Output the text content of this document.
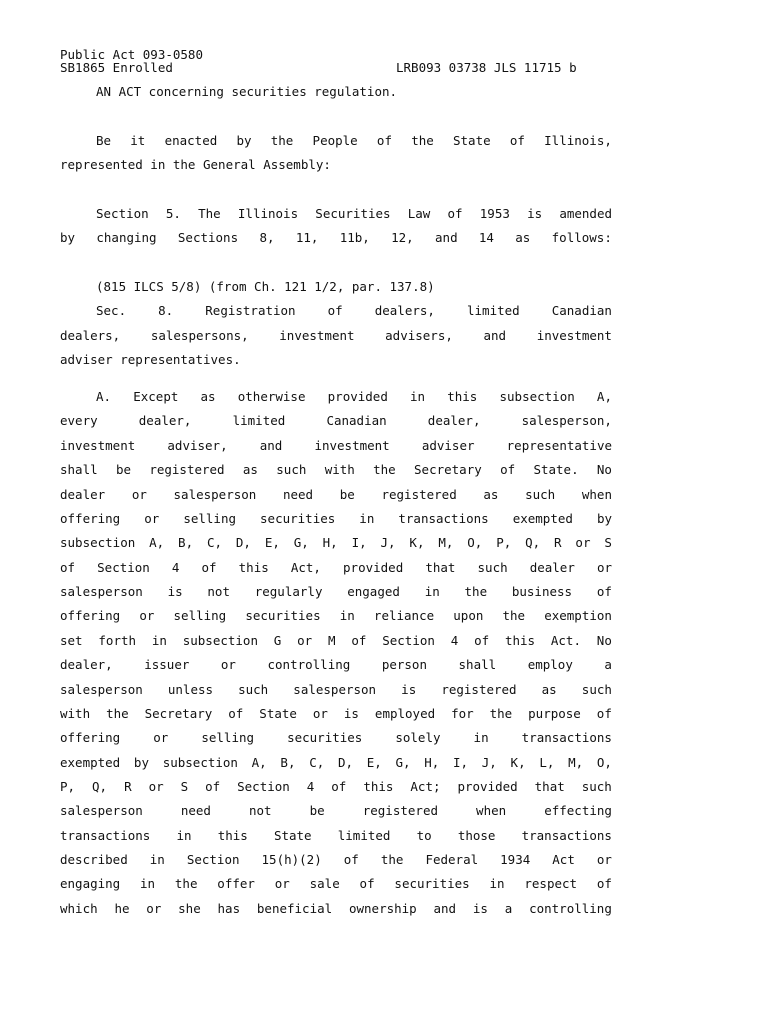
Public Act 093-0580
SB1865 Enrolled	LRB093 03738 JLS 11715 b
AN ACT concerning securities regulation.
Be it enacted by the People of the State of Illinois,
represented in the General Assembly:
Section 5. The Illinois Securities Law of 1953 is amended
by changing Sections 8, 11, 11b, 12, and 14 as follows:
(815 ILCS 5/8) (from Ch. 121 1/2, par. 137.8)
Sec.	8.	Registration	of	dealers,	limited	Canadian
dealers, salespersons, investment advisers, and investment
adviser representatives.
A. Except as otherwise provided in this subsection A,
every	dealer,	limited	Canadian	dealer,	salesperson,
investment	adviser,	and	investment	adviser	representative
shall be registered as such with the Secretary of State. No
dealer or salesperson need be registered as such when
offering or selling securities in transactions exempted by
subsection A, B, C, D, E, G, H, I, J, K, M, O, P, Q, R or S
of Section 4 of this Act, provided that such dealer or
salesperson is not regularly engaged in the business of
offering or selling securities in reliance upon the exemption
set forth in subsection G or M of Section 4 of this Act. No
dealer,	issuer	or	controlling	person	shall	employ	a
salesperson unless such salesperson is registered as such
with the Secretary of State or is employed for the purpose of
offering	or	selling	securities	solely	in	transactions
exempted by subsection A, B, C, D, E, G, H, I, J, K, L, M, O,
P, Q, R or S of Section 4 of this Act; provided that such
salesperson	need	not	be	registered	when	effecting
transactions in this State limited to those transactions
described in Section 15(h)(2) of the Federal 1934 Act or
engaging in the offer or sale of securities in respect of
which he or she has beneficial ownership and is a controlling
